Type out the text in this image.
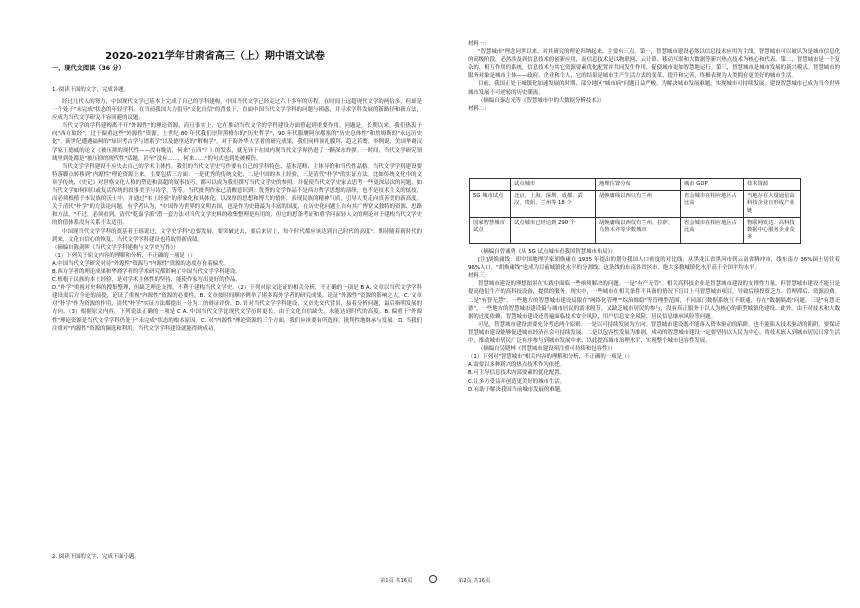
2020-2021学年甘肃省高三（上）期中语文试卷
一、现代文阅读（36 分）

1. 阅读下面的文字，完成各题。

经过几代人的努力，中国现代文学已基本上完成了自己的学科建构。中国当代文学已经走过六十多年的历程。在时间上远超现代文学的两倍多，但却是一个处于"未完成"状态的年轻学科。在当前我国大力倡导"文化自信"的背景下，直面中国当代文学学科的问题与困惑，并寻求学科发展的新路径和新方法，应成为当代文学研究不容回避的议题。

当代文学的学科建构离不开"外源性"的理论资源，而且事实上，它在推动当代文学的学科建设方面曾起到重要作用。问题是，长期以来，我们热衷于向"西方取经"，过于偏重这些"外源性"资源。上世纪 80 年代我们崇拜黑格尔的"历史哲学"，90 年代服膺阿尔都塞的"历史总体性"和詹姆斯的"永远历史化"。新世纪遭遇福柯的"知识考古学与谱系学"以及德里达的"解构学"。对于海外华人学者的研究成果，我们同样顶礼膜拜、趋之若鹜。举例说，美国华裔汉学家王德威的论文《被压抑的现代性——没有晚清，何来"五四"？》的发表，就无异于在国内现当代文学界扔进了一颗深水炸弹。一时间，当代文学研究领域里到处都是"被压抑的现代性"话题，甚至"没有……，何来……"的句式也到处被模仿。

当代文学学科建设不应失去自己的学术主体性。我们的当代文学史写作要有自己的学科特色、基本范畴、主体导价和当代性品格。当代文学学科建设要特落脚点转移到"内源性"理论资源上来。主要包括三方面：一是优秀的传统文化，二是中国的本土经验，三是清代"朴学"的实证方法。比如传统文化中的文章学传统，《史记》对世察文化人格的塑造和高超的叙事技巧，都可以成为我们撰写当代文学史的参照。并促使当代文学史家去思考一些更深层次的问题，如当代文学如何回归或复活传统的叙事美学与诗学，等等。当代批判作家已清醒意识到：优秀的文学作品不是西方哲学思想的演绎，也不是技术主义的炫技，而必须根植于本民族的沃土中，并通过"本土经验"的形象化和具体化，以深厚的思想和博大的情怀，表现民族的精神气质，引导人类走向真善美的新高度。关于清代"朴学"的方法论问题，有学者认为，"中国作为世界的文明古国，也是作为史籍最为丰富的国度，在历史化问题上自有其广博宽又独特的资源、思路和方法。"不过，必须看到，清代"乾嘉学派"潜一套方法对当代文学史料的收集整理是有用的，但它的思条考证和重学问而轻人文的理论对于建构当代文学史的价值体系没有关系不太适用。

中国现当代文学学科的奠基者王瑶说过，文学史学科"总要发展，要突破过去，要后来居上，每个时代都应该达到自己时代的高度"。期待随着新时代的到来，文化自信心的恢复，当代文学学科建设也将取得新成绩。

（摘编自陈剑晖《当代文学学科建构与文学史写作》）

（1）下列关于原文内容的理解和分析，不正确的一项是（）

A.中国当代文学研究对待"外源性"资源与"内源性"资源的态度存在着偏差。

B.西方学者的理论成果和华裔学者的学术研究都影响了中国当代文学学科建设。

C.植根于民族的本土经验，是对学术主体性的坚持，能使作家写出更好的作品。

D."朴学"重视对史料的搜集整理，但缺乏理论支撑，不利于建构当代文学史。（2）下列对原文论证的相关分析，不正确的一项是 B A. 文章以当代文学学科建设需后方全论的前提，论证了重视"内源性"资源的必要性。B. 文章按时间顺序例举了诸多海外学者的研究成果，论证"外源性"资源的影响之大。C. 文章对"朴学"作为资源的作用，清代"朴学"实证方法都提出一分为二的辩证评价。D. 针对当代文学学科建设，文章先交代背景，接着分析问题，最后指明发展的方向。（3）根据原文内容，下列说法正确的一项是 C A. 中国当代文学比现代文学历时更长，由于文化自信缺失，未能达到时代的高度。B. 偏重于"外源性"理论资源是当代文学学科仍处于"未完成"状态的根本原因。C. 对"内源性"理论资源的三个方面，我们应该要有所选择，批判性地继承与发展。D. 当我们注重对"内源性"资源的撷选和利用，当代文学学科建设就能得到成功。

2. 阅读下面的文字，完成下面小题。

第1页 共16页

材料一：

"智慧城市"理念问世以来，对其研究的理论归纳起来，主要有三点。第一，智慧城市建设必然以信息技术应用为主线。智慧城市可以被认为是城市信息化的高级阶段，必然涉及到信息技术的创新应用，而信息技术是以物联网、云计算、移动互联和大数据等新兴热点技术为核心和代表。第二，智慧城市是一个复杂的、相互作用的系统，信息技术与其它资源要素优化配置并共同发生作用，促使城市更加智慧地运行。第三，智慧城市是城市发展的新兴模式。智慧城市的服务对象是城市主体——政府、企业和个人，它的结果是城市生产生活方式的变革、提升和完善，终极表现为人类拥有更美好的城市生活。

目前，我国正处于城镇化加速发展的时期，部分地区"城市病"问题日益严峻。为解决城市发展难题，实现城市可持续发展，建设智慧城市已成为当今世界城市发展不可逆转的历史潮流。

（摘编自秦志光等《智慧城市中的大数据分析技术》）

材料二：

	试点城市	地理位置分布	城市 GDP	技术资源
5G 城市试点	北京、上海、深圳、成都、武汉、贵阳、兰州等 18 个	胡焕庸线以西只有兰州	省会城市在相应地区占比高	当地存在大量通信高科技企业且形成产业链
国家智慧城市试点	试点城市已经达到 290 个	胡焕庸线以西仅有兰州、拉萨、乌鲁木齐等少数城市	省会城市在相应地区占比高	物联网发达、高科技数据中心服务企业众多

（摘编自曾诚勇《从 5G 试点城市看我国智慧城市布局》）

[注]胡焕庸线：即中国地理学家胡焕庸在 1935 年提出的划分我国人口密度的对比线，从黑龙江省黑河市到云南省腾冲市，线东南方 36%国土居住着 96%人口。"胡焕庸线"也成为目前城镇化水平的分割线，这条线的东南各省区市，绝大多数城镇化水平高于全国平均水平。

材料三：

智慧城市建设的理想图景在实践中面临一些亟须解决的问题。一是"有产无管"。相关高科技企业是智慧城市建设的支撑性力量，但智慧城市建设不能只是提高他们生产的高科技设备，提供的服务。现实中，一些城市在相关条件不具备的情况下盲目上马智慧城市项目，导致后续投资乏力、管理滞后、资源浪费。二是"有智无慧"。一些地方的智慧城市建设局限在"网络化管理""综治维稳"等管理型范围，不同部门数据系统互不联通，存在"数据隔离"问题。三是"有慧无德"，一些地方的智慧城市建设偏与城市居民的需求脱节，又缺乏城市居民的参与，没有真正服务于以人为核心的新型城镇化建设。此外，由于对技术和大数据的过度依赖，智慧城市建设还普遍面临技术安全风险、用户信息安全风险、居民信息继承风险等问题。

可见，智慧城市建设需要充分考虑两个原则：一是以可持续发展为方向。智慧城市建设既不能落入资本驱动的陷阱，也不能陷入技术驱动的陷阱，要保证智慧城市建设能够促进城市经济社会可持续发展。二是以包容性发展为准则，成功的智慧城市建设一定要坚持以人民为中心，将技术嵌入到城市居民日常生活中，推动城市居民广泛有序参与到城市发展中来，以此提高城市治理水平，实现整个城市包容性发展。

（摘编自吴晓林《智慧城市建设须注重可持续和包容性》）

（1）下列对"智慧城市"相关内容的理解和分析，不正确的一项是（）

A.需要以多种新兴的热点技术作为依托。

B.可主导信息技术内部要素的优化配置。

C.让多方受益并创造更美好的城市生活。

D.有助于解决我国当前城市发展的难题。

第2页 共16页
